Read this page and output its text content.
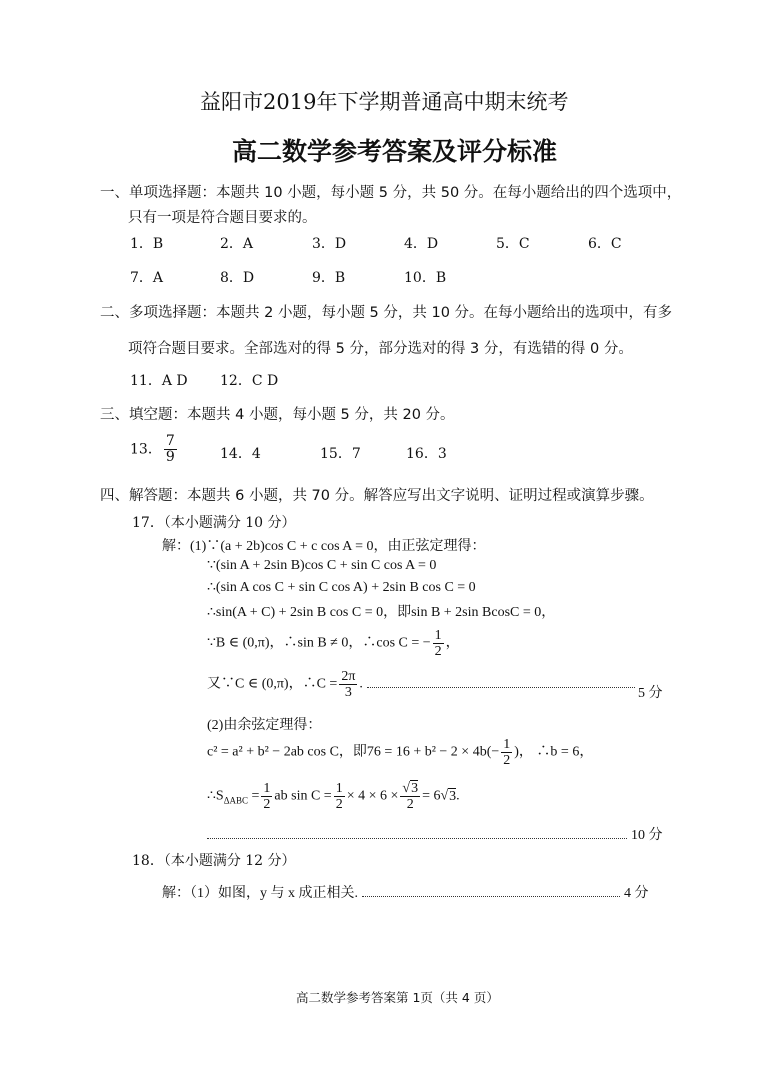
益阳市2019年下学期普通高中期末统考
高二数学参考答案及评分标准
一、单项选择题：本题共 10 小题，每小题 5 分，共 50 分。在每小题给出的四个选项中，
只有一项是符合题目要求的。
1．B	2．A	3．D	4．D	5．C	6．C
7．A	8．D	9．B	10．B
二、多项选择题：本题共 2 小题，每小题 5 分，共 10 分。在每小题给出的选项中，有多
项符合题目要求。全部选对的得 5 分，部分选对的得 3 分，有选错的得 0 分。
11．A D 12．C D
三、填空题：本题共 4 小题，每小题 5 分，共 20 分。
13． $\frac{7}{9}$	14．4	15．7	16．3
四、解答题：本题共 6 小题，共 70 分。解答应写出文字说明、证明过程或演算步骤。
17．（本小题满分 10 分）
解：(1)∵(a + 2b)cos C + c cos A = 0，由正弦定理得：
∵(sin A + 2sin B)cos C + sin C cos A = 0
∴(sin A cos C + sin C cos A) + 2sin B cos C = 0
∴sin(A + C) + 2sin B cos C = 0，即sin B + 2sin BcosC = 0，
∵B ∈ (0,π)，∴sin B ≠ 0，∴cos C = − $\frac{1}{2}$ ，
又∵C ∈ (0,π)，∴C = $\frac{2\pi}{3}$ .
5 分
(2)由余弦定理得：
c² = a² + b² − 2ab cos C，即$76 = 16 + b^2 - 2 \times 4b(- \frac{1}{2}$ )， ∴b = 6，
$\therefore S_{\Delta ABC} = \frac{1}{2}$ ab $\sin C = \frac{1}{2} \times 4 \times 6 \times \frac{√3}{2} = 6√3$.
10 分
18．（本小题满分 12 分）
解：（1）如图，y 与 x 成正相关.	4 分
高二数学参考答案第 1页（共 4 页）
